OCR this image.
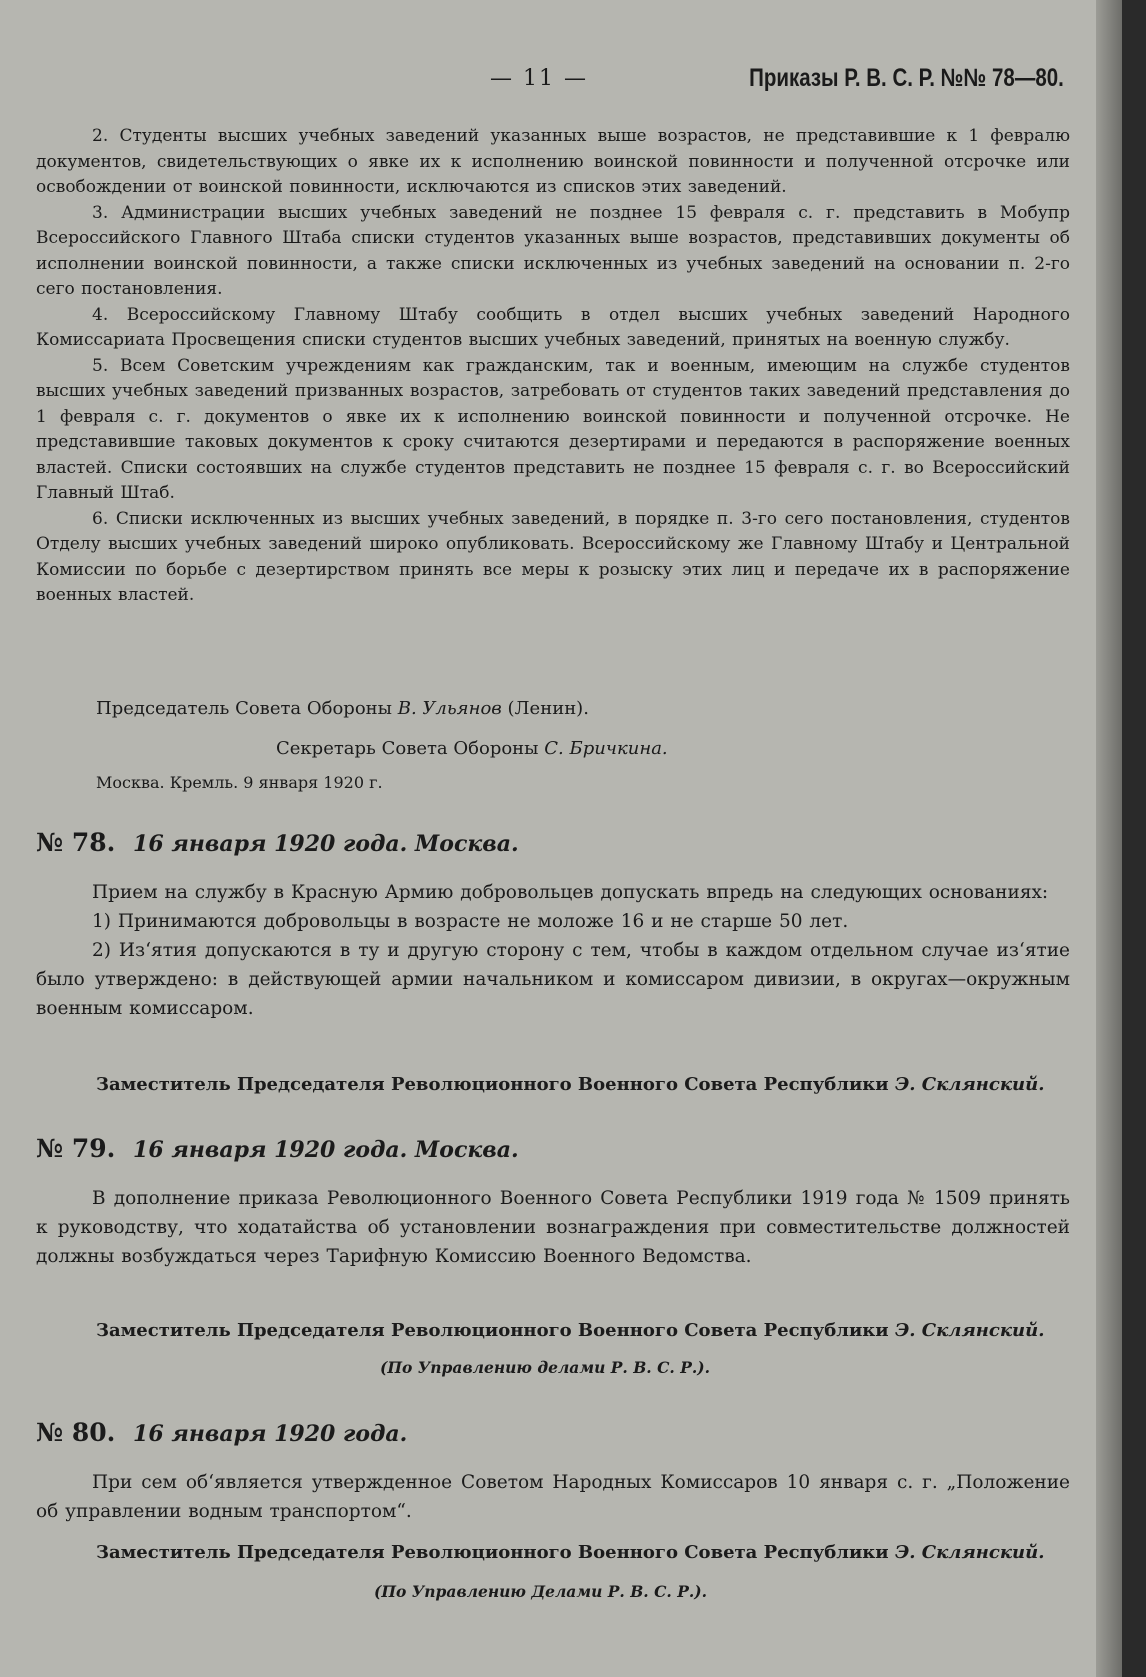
— 11 —	Приказы Р. В. С. Р. №№ 78—80.

2. Студенты высших учебных заведений указанных выше возрастов, не представившие к 1 февралю документов, свидетельствующих о явке их к исполнению воинской повинности и полученной отсрочке или освобождении от воинской повинности, исключаются из списков этих заведений.

3. Администрации высших учебных заведений не позднее 15 февраля с. г. представить в Мобупр Всероссийского Главного Штаба списки студентов указанных выше возрастов, представивших документы об исполнении воинской повинности, а также списки исключенных из учебных заведений на основании п. 2-го сего постановления.

4. Всероссийскому Главному Штабу сообщить в отдел высших учебных заведений Народного Комиссариата Просвещения списки студентов высших учебных заведений, принятых на военную службу.

5. Всем Советским учреждениям как гражданским, так и военным, имеющим на службе студентов высших учебных заведений призванных возрастов, затребовать от студентов таких заведений представления до 1 февраля с. г. документов о явке их к исполнению воинской повинности и полученной отсрочке. Не представившие таковых документов к сроку считаются дезертирами и передаются в распоряжение военных властей. Списки состоявших на службе студентов представить не позднее 15 февраля с. г. во Всероссийский Главный Штаб.

6. Списки исключенных из высших учебных заведений, в порядке п. 3-го сего постановления, студентов Отделу высших учебных заведений широко опубликовать. Всероссийскому же Главному Штабу и Центральной Комиссии по борьбе с дезертирством принять все меры к розыску этих лиц и передаче их в распоряжение военных властей.

Председатель Совета Обороны В. Ульянов (Ленин).
Секретарь Совета Обороны С. Бричкина.
Москва. Кремль. 9 января 1920 г.
№ 78. 16 января 1920 года. Москва.

Прием на службу в Красную Армию добровольцев допускать впредь на следующих основаниях:

1) Принимаются добровольцы в возрасте не моложе 16 и не старше 50 лет.

2) Из‘ятия допускаются в ту и другую сторону с тем, чтобы в каждом отдельном случае из‘ятие было утверждено: в действующей армии начальником и комиссаром дивизии, в округах—окружным военным комиссаром.

Заместитель Председателя Революционного Военного Совета Республики Э. Склянский.
№ 79. 16 января 1920 года. Москва.

В дополнение приказа Революционного Военного Совета Республики 1919 года № 1509 принять к руководству, что ходатайства об установлении вознаграждения при совместительстве должностей должны возбуждаться через Тарифную Комиссию Военного Ведомства.

Заместитель Председателя Революционного Военного Совета Республики Э. Склянский.
(По Управлению делами Р. В. С. Р.).
№ 80. 16 января 1920 года.

При сем об‘является утвержденное Советом Народных Комиссаров 10 января с. г. „Положение об управлении водным транспортом“.

Заместитель Председателя Революционного Военного Совета Республики Э. Склянский.
(По Управлению Делами Р. В. С. Р.).
